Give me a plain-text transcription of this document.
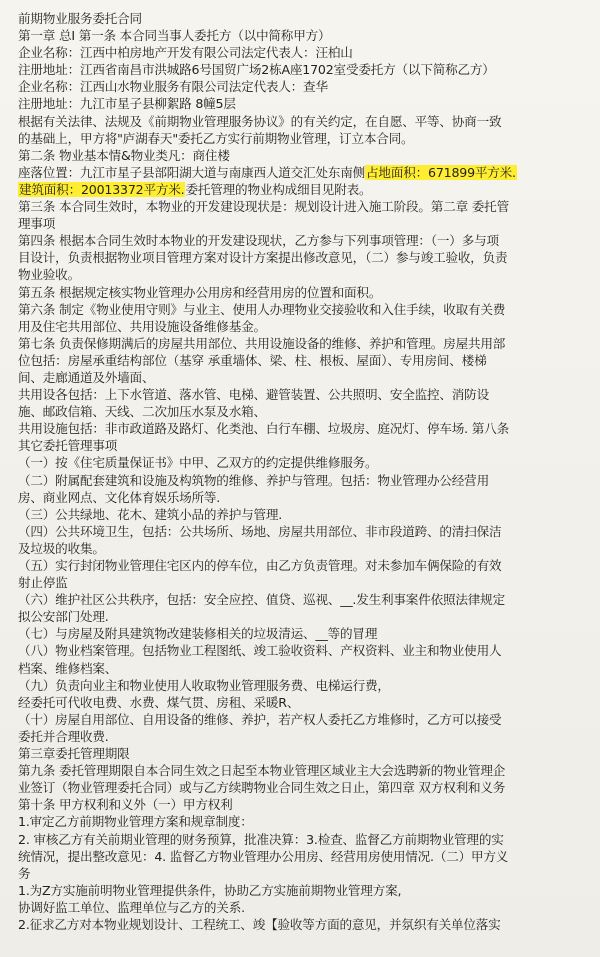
前期物业服务委托合同
第一章 总I 第一条 本合同当事人委托方（以中简称甲方）
企业名称：江西中柏房地产开发有限公司法定代表人：汪柏山
注册地址：江西省南昌市洪城路6号国贸广场2栋A座1702室受委托方（以下简称乙方）
企业名称：江西山水物业服务有限公司法定代表人：查华
注册地址：九江市星子县柳絮路 8幢5层
根据有关法律、法规及《前期物业管理服务协议》的有关约定，在自愿、平等、协商一致
的基础上，甲方将"庐湖春天"委托乙方实行前期物业管理，订立本合同。
第二条 物业基本情&物业类凡：商住楼
座落位置：九江市星子县部阳湖大道与南康西人道交汇处东南侧占地面积：671899平方米.
建筑面积：20013372平方米.委托管理的物业构成细目见附表。
第三条 本合同生效时，本物业的开发建设现状是：规划设计进入施工阶段。第二章 委托管
理事项
第四条 根据本合同生效时本物业的开发建设现状，乙方参与下列事项管理：（一）多与项
目设计，负责根据物业项目管理方案对设计方案提出修改意见，（二）参与竣工验收，负责
物业验收。
第五条 根据规定核实物业管理办公用房和经营用房的位置和面积。
第六条 制定《物业使用守则》与业主、使用人办理物业交接验收和入住手续，收取有关费
用及住宅共用部位、共用设施设备维修基金。
第七条 负责保修期满后的房屋共用部位、共用设施设备的维修、养护和管理。房屋共用部
位包括：房屋承重结构部位（基穿 承重墙体、梁、柱、根板、屋面）、专用房间、楼梯
间、走廊通道及外墙面、
共用设各包括：上下水管道、落水管、电梯、避管装置、公共照明、安全监控、消防设
施、邮政信箱、天线、二次加压水泵及水箱、
共用设施包括：非市政道路及路灯、化类池、白行车棚、垃圾房、庭况灯、停车场. 第八条
其它委托管理事项
（一）按《住宅质量保证书》中甲、乙双方的约定提供维修服务。
（二）附属配套建筑和设施及构筑物的维修、养护与管理。包括：物业管理办公经营用
房、商业网点、文化体育娱乐场所等.
（三）公共绿地、花木、建筑小品的养护与管理.
（四）公共环境卫生，包括：公共场所、场地、房屋共用部位、非市段道跨、的清扫保洁
及垃圾的收集。
（五）实行封闭物业管理住宅区内的停车位，由乙方负责管理。对未参加车俩保险的有效
射止停监
（六）维护社区公共秩序，包括：安全应控、值贷、巡视、__.发生利事案件依照法律规定
拟公安部门处理.
（七）与房屋及附具建筑物改建装修相关的垃圾清运、__等的冒理
（八）物业档案管理。包括物业工程图纸、竣工验收资料、产权资料、业主和物业使用人
档案、维修档案、
（九）负责向业主和物业使用人收取物业管理服务费、电梯运行费，
经委托可代收电费、水费、煤气贯、房租、采暖R、
（十）房屋自用部位、自用设备的维修、养护，若产权人委托乙方堆修时，乙方可以接受
委托并合理收费.
第三章委托管理期限
第九条 委托管理期限自本合同生效之日起至本物业管理区域业主大会选聘新的物业管理企
业签订（物业管理委托合同）或与乙方续聘物业合同生效之日止，第四章 双方权利和义务
第十条 甲方权利和义外（一）甲方权利
1.审定乙方前期物业管理方案和规章制度：
2. 审核乙方有关前期业管理的财务预算，批准决算：3.检查、监督乙方前期物业管理的实
统情况，提出整改意见：4. 监督乙方物业管理办公用房、经营用房使用情况.（二）甲方义
务
1.为Z方实施前明物业管理提供条件，协助乙方实施前期物业管理方案,
协调好监工单位、监理单位与乙方的关系.
2.征求乙方对本物业规划设计、工程统工、竣【验收等方面的意见，并氛织有关单位落实
